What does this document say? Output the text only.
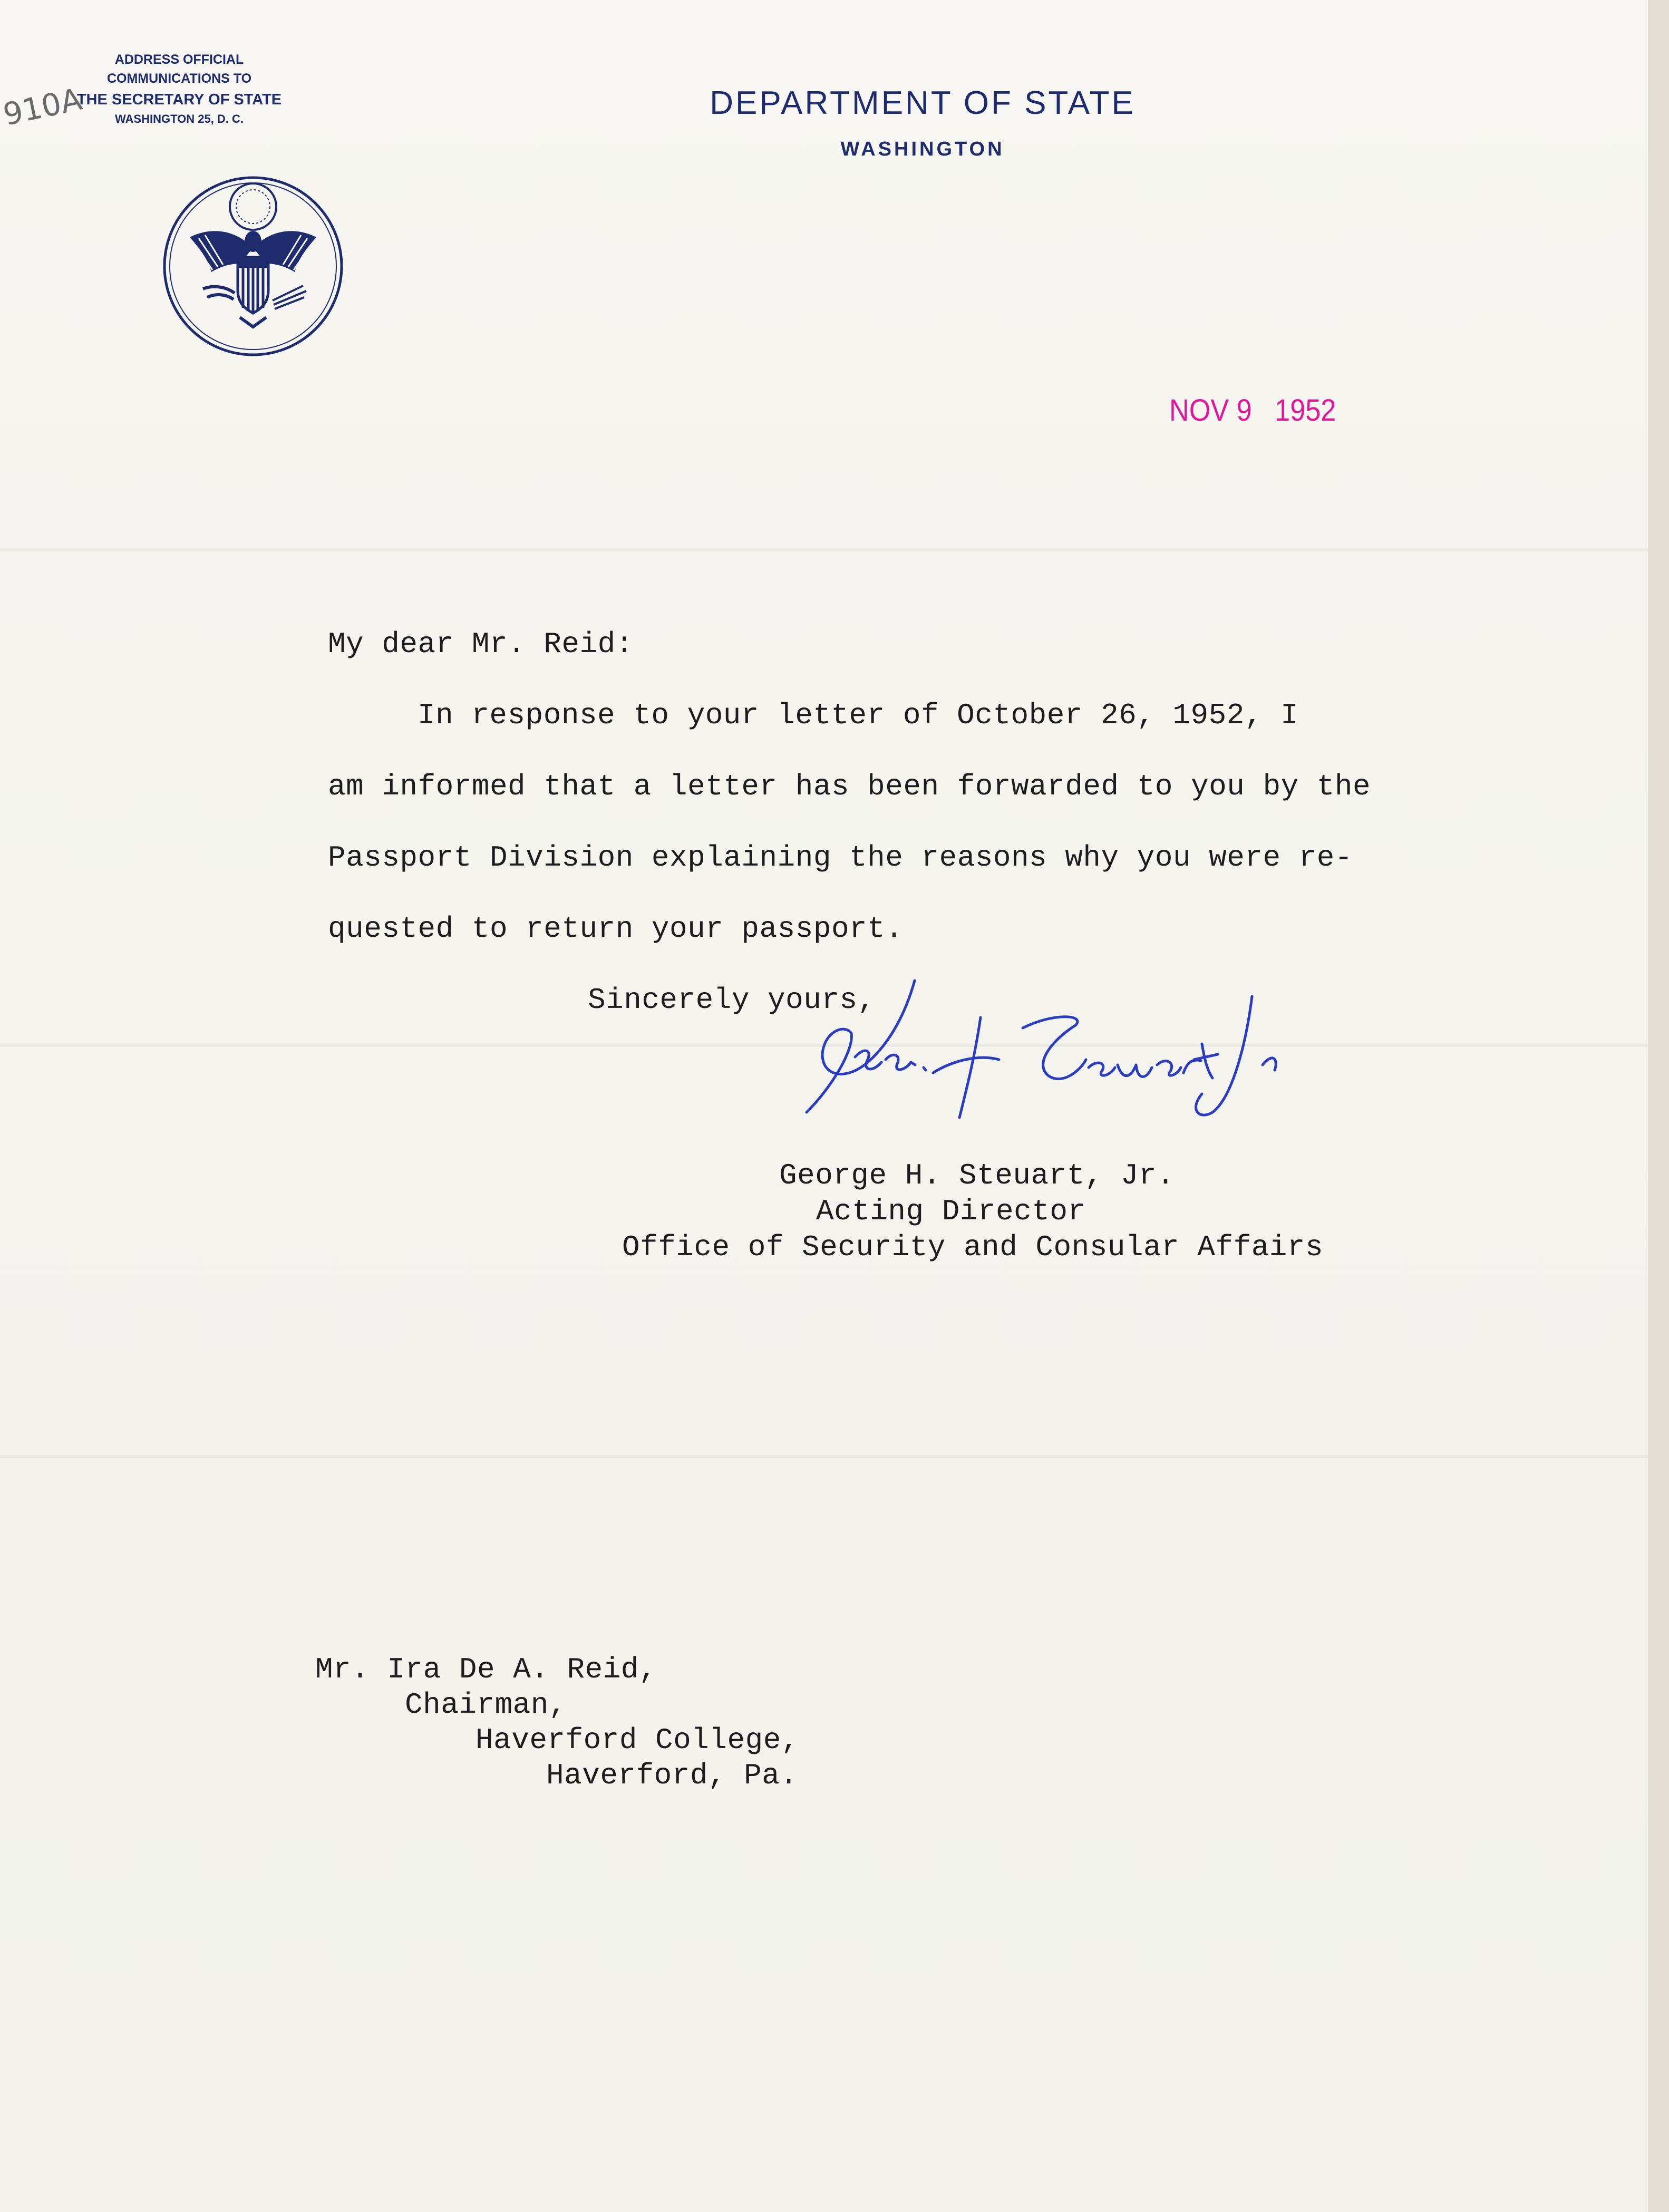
910A
ADDRESS OFFICIAL COMMUNICATIONS TO
THE SECRETARY OF STATE
WASHINGTON 25, D. C.	DEPARTMENT OF STATE
WASHINGTON
NOV 9   1952
My dear Mr. Reid:
In response to your letter of October 26, 1952, I
am informed that a letter has been forwarded to you by the
Passport Division explaining the reasons why you were re-
quested to return your passport.
Sincerely yours,
George H. Steuart, Jr.
Acting Director
Office of Security and Consular Affairs
Mr. Ira De A. Reid,
Chairman,
Haverford College,
Haverford, Pa.
